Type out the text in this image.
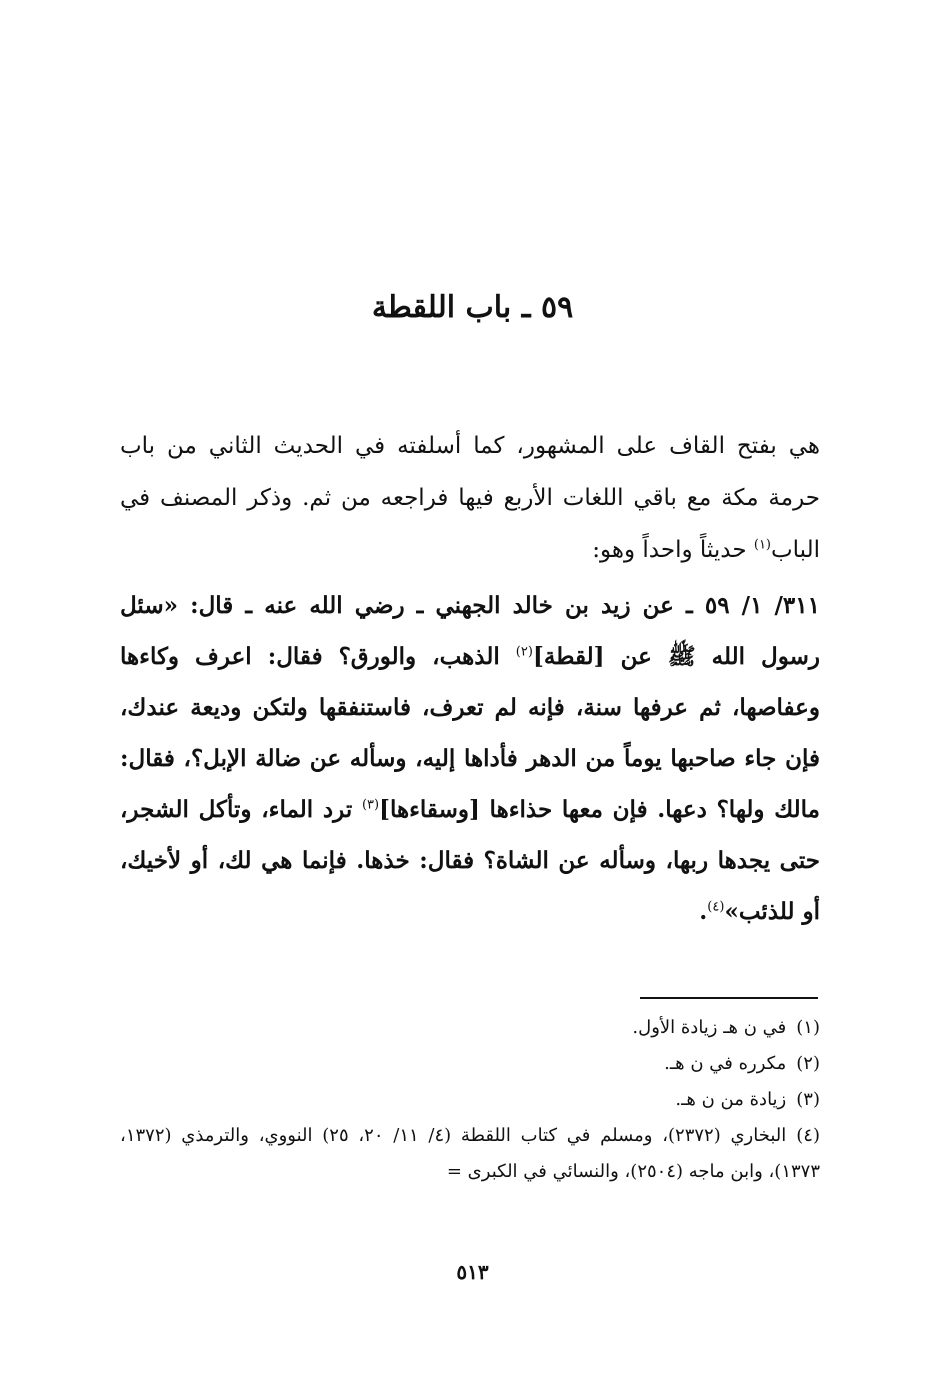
٥٩ ـ باب اللقطة

هي بفتح القاف على المشهور، كما أسلفته في الحديث الثاني من باب حرمة مكة مع باقي اللغات الأربع فيها فراجعه من ثم. وذكر المصنف في الباب$^{(١)}$ حديثاً واحداً وهو:

٣١١/ ١/ ٥٩ ـ عن زيد بن خالد الجهني ـ رضي الله عنه ـ قال: «سئل رسول الله ﷺ عن [لقطة]$^{(٢)}$ الذهب، والورق؟ فقال: اعرف وكاءها وعفاصها، ثم عرفها سنة، فإنه لم تعرف، فاستنفقها ولتكن وديعة عندك، فإن جاء صاحبها يوماً من الدهر فأداها إليه، وسأله عن ضالة الإبل؟، فقال: مالك ولها؟ دعها. فإن معها حذاءها [وسقاءها]$^{(٣)}$ ترد الماء، وتأكل الشجر، حتى يجدها ربها، وسأله عن الشاة؟ فقال: خذها. فإنما هي لك، أو لأخيك، أو للذئب»$^{(٤)}$.

(١)في ن هـ زيادة الأول.

(٢)مكرره في ن هـ.

(٣)زيادة من ن هـ.

(٤)البخاري (٢٣٧٢)، ومسلم في كتاب اللقطة (٤/ ١١/ ٢٠، ٢٥) النووي، والترمذي (١٣٧٢، ١٣٧٣)، وابن ماجه (٢٥٠٤)، والنسائي في الكبرى =

٥١٣
